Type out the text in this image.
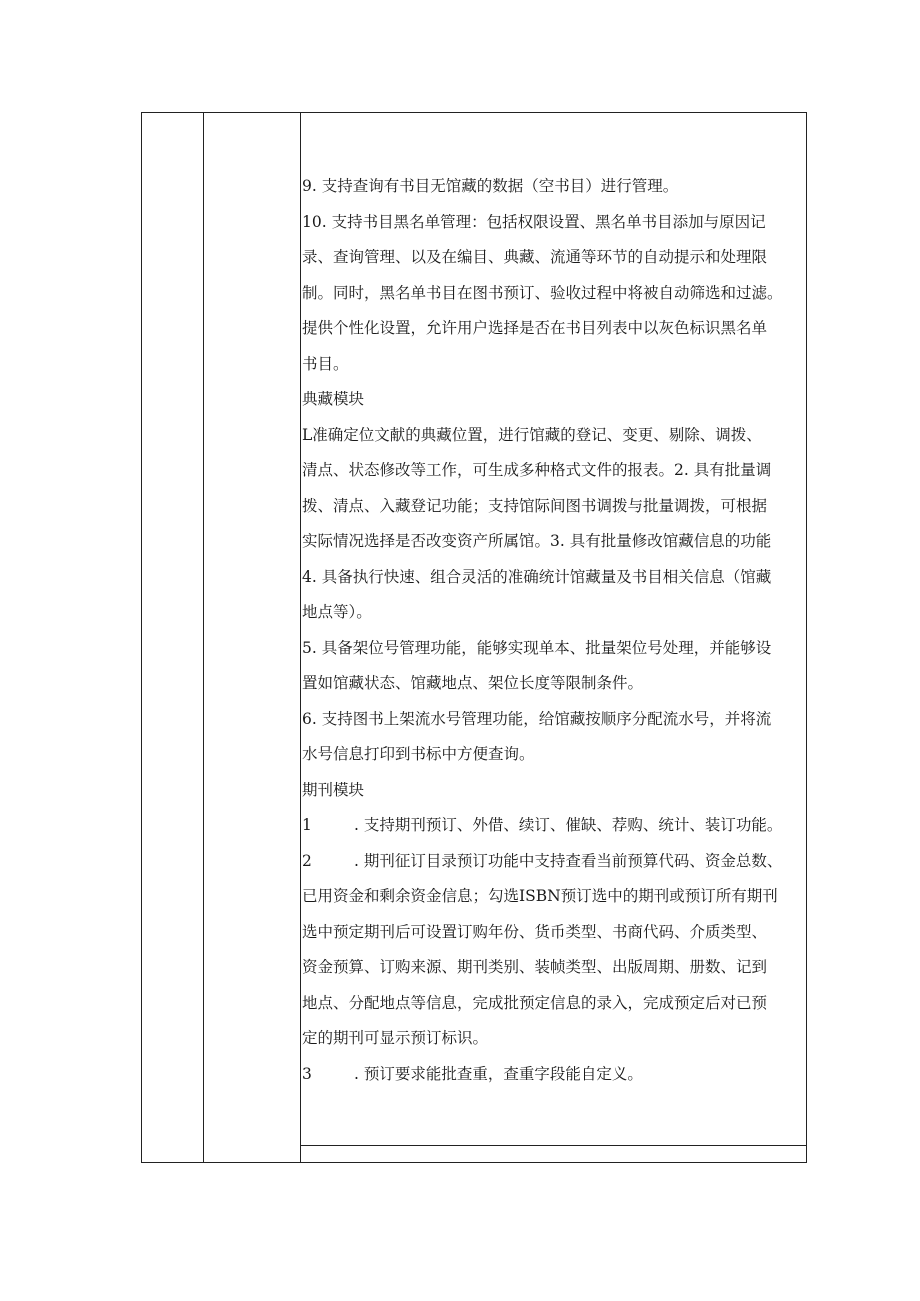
9. 支持查询有书目无馆藏的数据（空书目）进行管理。
10. 支持书目黑名单管理：包括权限设置、黑名单书目添加与原因记
录、查询管理、以及在编目、典藏、流通等环节的自动提示和处理限
制。同时，黑名单书目在图书预订、验收过程中将被自动筛选和过滤。
提供个性化设置，允许用户选择是否在书目列表中以灰色标识黑名单
书目。
典藏模块
L准确定位文献的典藏位置，进行馆藏的登记、变更、剔除、调拨、
清点、状态修改等工作，可生成多种格式文件的报表。2. 具有批量调
拨、清点、入藏登记功能；支持馆际间图书调拨与批量调拨，可根据
实际情况选择是否改变资产所属馆。3. 具有批量修改馆藏信息的功能
4. 具备执行快速、组合灵活的准确统计馆藏量及书目相关信息（馆藏
地点等）。
5. 具备架位号管理功能，能够实现单本、批量架位号处理，并能够设
置如馆藏状态、馆藏地点、架位长度等限制条件。
6. 支持图书上架流水号管理功能，给馆藏按顺序分配流水号，并将流
水号信息打印到书标中方便查询。
期刊模块
1	. 支持期刊预订、外借、续订、催缺、荐购、统计、装订功能。
2	. 期刊征订目录预订功能中支持查看当前预算代码、资金总数、
已用资金和剩余资金信息；勾选ISBN预订选中的期刊或预订所有期刊
选中预定期刊后可设置订购年份、货币类型、书商代码、介质类型、
资金预算、订购来源、期刊类别、装帧类型、出版周期、册数、记到
地点、分配地点等信息，完成批预定信息的录入，完成预定后对已预
定的期刊可显示预订标识。
3	. 预订要求能批查重，查重字段能自定义。
